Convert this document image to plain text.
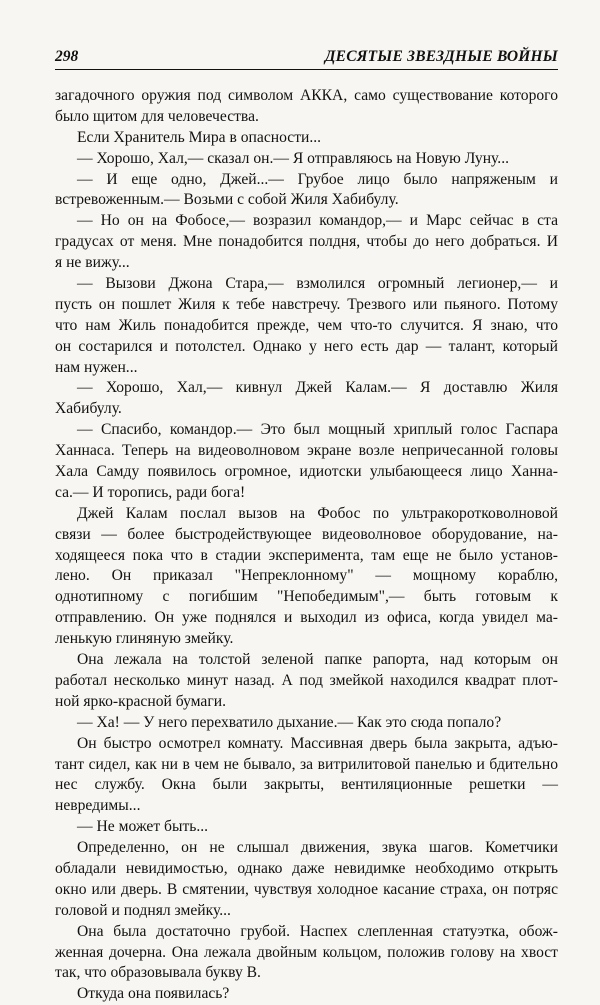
298	ДЕСЯТЫЕ ЗВЕЗДНЫЕ ВОЙНЫ
загадочного оружия под символом АККА, само существование которого
было щитом для человечества.
Если Хранитель Мира в опасности...
— Хорошо, Хал,— сказал он.— Я отправляюсь на Новую Луну...
— И еще одно, Джей...— Грубое лицо было напряженым и
встревоженным.— Возьми с собой Жиля Хабибулу.
— Но он на Фобосе,— возразил командор,— и Марс сейчас в ста
градусах от меня. Мне понадобится полдня, чтобы до него добраться. И
я не вижу...
— Вызови Джона Стара,— взмолился огромный легионер,— и
пусть он пошлет Жиля к тебе навстречу. Трезвого или пьяного. Потому
что нам Жиль понадобится прежде, чем что-то случится. Я знаю, что
он состарился и потолстел. Однако у него есть дар — талант, который
нам нужен...
— Хорошо, Хал,— кивнул Джей Калам.— Я доставлю Жиля
Хабибулу.
— Спасибо, командор.— Это был мощный хриплый голос Гаспара
Ханнаса. Теперь на видеоволновом экране возле непричесанной головы
Хала Самду появилось огромное, идиотски улыбающееся лицо Ханна-
са.— И торопись, ради бога!
Джей Калам послал вызов на Фобос по ультракоротковолновой
связи — более быстродействующее видеоволновое оборудование, на-
ходящееся пока что в стадии эксперимента, там еще не было установ-
лено. Он приказал "Непреклонному" — мощному кораблю,
однотипному с погибшим "Непобедимым",— быть готовым к
отправлению. Он уже поднялся и выходил из офиса, когда увидел ма-
ленькую глиняную змейку.
Она лежала на толстой зеленой папке рапорта, над которым он
работал несколько минут назад. А под змейкой находился квадрат плот-
ной ярко-красной бумаги.
— Ха! — У него перехватило дыхание.— Как это сюда попало?
Он быстро осмотрел комнату. Массивная дверь была закрыта, адъю-
тант сидел, как ни в чем не бывало, за витрилитовой панелью и бдительно
нес службу. Окна были закрыты, вентиляционные решетки —
невредимы...
— Не может быть...
Определенно, он не слышал движения, звука шагов. Кометчики
обладали невидимостью, однако даже невидимке необходимо открыть
окно или дверь. В смятении, чувствуя холодное касание страха, он потряс
головой и поднял змейку...
Она была достаточно грубой. Наспех слепленная статуэтка, обож-
женная дочерна. Она лежала двойным кольцом, положив голову на хвост
так, что образовывала букву В.
Откуда она появилась?
